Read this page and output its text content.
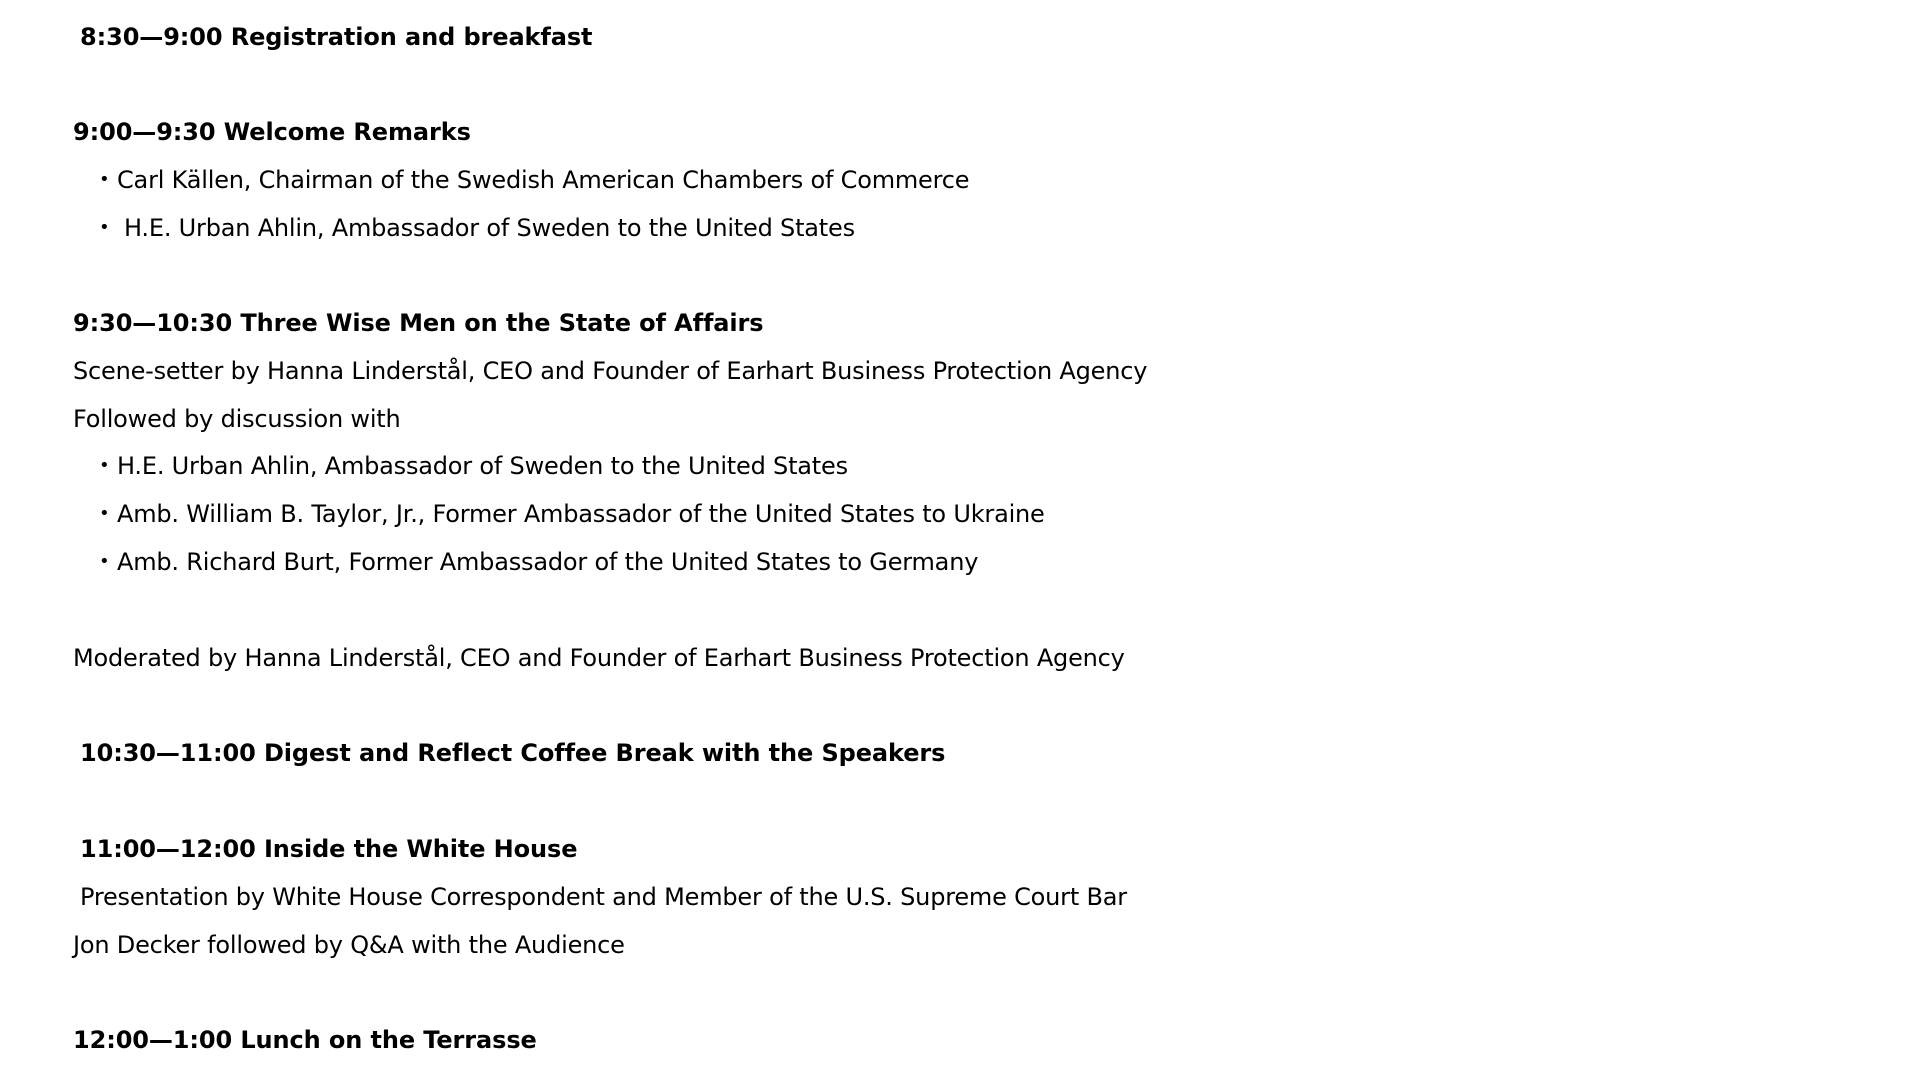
8:30—9:00 Registration and breakfast
9:00—9:30 Welcome Remarks
• Carl Källen, Chairman of the Swedish American Chambers of Commerce
• H.E. Urban Ahlin, Ambassador of Sweden to the United States
9:30—10:30 Three Wise Men on the State of Affairs
Scene-setter by Hanna Linderstål, CEO and Founder of Earhart Business Protection Agency
Followed by discussion with
• H.E. Urban Ahlin, Ambassador of Sweden to the United States
• Amb. William B. Taylor, Jr., Former Ambassador of the United States to Ukraine
• Amb. Richard Burt, Former Ambassador of the United States to Germany
Moderated by Hanna Linderstål, CEO and Founder of Earhart Business Protection Agency
10:30—11:00 Digest and Reflect Coffee Break with the Speakers
11:00—12:00 Inside the White House
Presentation by White House Correspondent and Member of the U.S. Supreme Court Bar
Jon Decker followed by Q&A with the Audience
12:00—1:00 Lunch on the Terrasse
